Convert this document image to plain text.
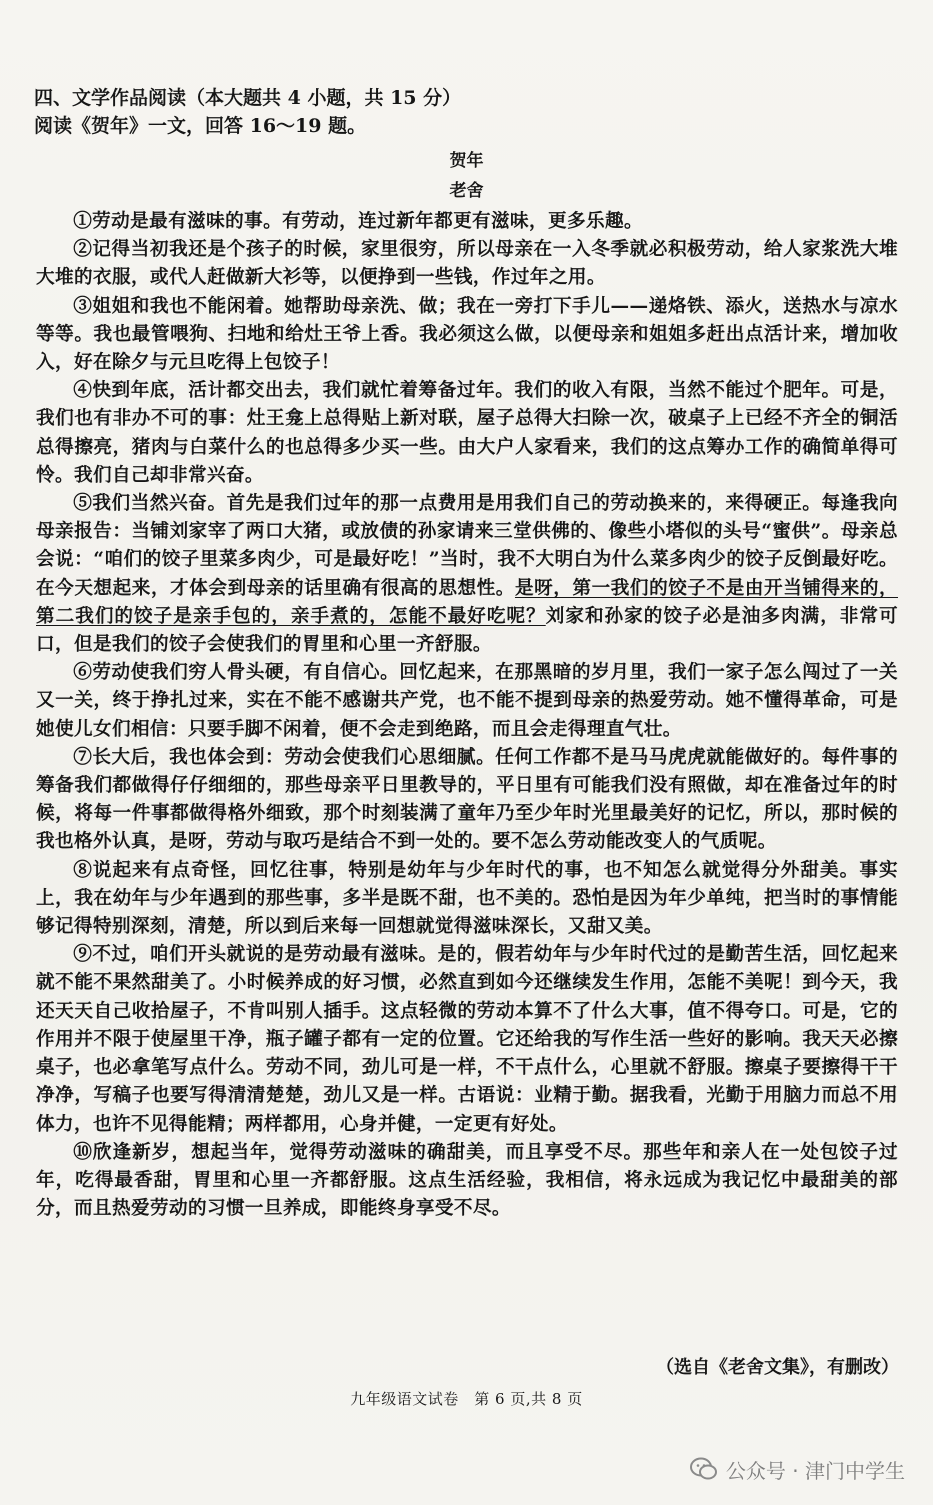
四、文学作品阅读（本大题共 4 小题，共 15 分）
阅读《贺年》一文，回答 16～19 题。
贺年
老舍

①劳动是最有滋味的事。有劳动，连过新年都更有滋味，更多乐趣。

②记得当初我还是个孩子的时候，家里很穷，所以母亲在一入冬季就必积极劳动，给人家浆洗大堆大堆的衣服，或代人赶做新大衫等，以便挣到一些钱，作过年之用。

③姐姐和我也不能闲着。她帮助母亲洗、做；我在一旁打下手儿——递烙铁、添火，送热水与凉水等等。我也最管喂狗、扫地和给灶王爷上香。我必须这么做，以便母亲和姐姐多赶出点活计来，增加收入，好在除夕与元旦吃得上包饺子！

④快到年底，活计都交出去，我们就忙着筹备过年。我们的收入有限，当然不能过个肥年。可是，我们也有非办不可的事：灶王龛上总得贴上新对联，屋子总得大扫除一次，破桌子上已经不齐全的铜活总得擦亮，猪肉与白菜什么的也总得多少买一些。由大户人家看来，我们的这点筹办工作的确简单得可怜。我们自己却非常兴奋。

⑤我们当然兴奋。首先是我们过年的那一点费用是用我们自己的劳动换来的，来得硬正。每逢我向母亲报告：当铺刘家宰了两口大猪，或放债的孙家请来三堂供佛的、像些小塔似的头号“蜜供”。母亲总会说：“咱们的饺子里菜多肉少，可是最好吃！”当时，我不大明白为什么菜多肉少的饺子反倒最好吃。在今天想起来，才体会到母亲的话里确有很高的思想性。是呀，第一我们的饺子不是由开当铺得来的，第二我们的饺子是亲手包的，亲手煮的，怎能不最好吃呢？刘家和孙家的饺子必是油多肉满，非常可口，但是我们的饺子会使我们的胃里和心里一齐舒服。

⑥劳动使我们穷人骨头硬，有自信心。回忆起来，在那黑暗的岁月里，我们一家子怎么闯过了一关又一关，终于挣扎过来，实在不能不感谢共产党，也不能不提到母亲的热爱劳动。她不懂得革命，可是她使儿女们相信：只要手脚不闲着，便不会走到绝路，而且会走得理直气壮。

⑦长大后，我也体会到：劳动会使我们心思细腻。任何工作都不是马马虎虎就能做好的。每件事的筹备我们都做得仔仔细细的，那些母亲平日里教导的，平日里有可能我们没有照做，却在准备过年的时候，将每一件事都做得格外细致，那个时刻装满了童年乃至少年时光里最美好的记忆，所以，那时候的我也格外认真，是呀，劳动与取巧是结合不到一处的。要不怎么劳动能改变人的气质呢。

⑧说起来有点奇怪，回忆往事，特别是幼年与少年时代的事，也不知怎么就觉得分外甜美。事实上，我在幼年与少年遇到的那些事，多半是既不甜，也不美的。恐怕是因为年少单纯，把当时的事情能够记得特别深刻，清楚，所以到后来每一回想就觉得滋味深长，又甜又美。

⑨不过，咱们开头就说的是劳动最有滋味。是的，假若幼年与少年时代过的是勤苦生活，回忆起来就不能不果然甜美了。小时候养成的好习惯，必然直到如今还继续发生作用，怎能不美呢！到今天，我还天天自己收拾屋子，不肯叫别人插手。这点轻微的劳动本算不了什么大事，值不得夸口。可是，它的作用并不限于使屋里干净，瓶子罐子都有一定的位置。它还给我的写作生活一些好的影响。我天天必擦桌子，也必拿笔写点什么。劳动不同，劲儿可是一样，不干点什么，心里就不舒服。擦桌子要擦得干干净净，写稿子也要写得清清楚楚，劲儿又是一样。古语说：业精于勤。据我看，光勤于用脑力而总不用体力，也许不见得能精；两样都用，心身并健，一定更有好处。

⑩欣逢新岁，想起当年，觉得劳动滋味的确甜美，而且享受不尽。那些年和亲人在一处包饺子过年，吃得最香甜，胃里和心里一齐都舒服。这点生活经验，我相信，将永远成为我记忆中最甜美的部分，而且热爱劳动的习惯一旦养成，即能终身享受不尽。

（选自《老舍文集》，有删改）
九年级语文试卷　第 6 页,共 8 页
公众号 · 津门中学生
